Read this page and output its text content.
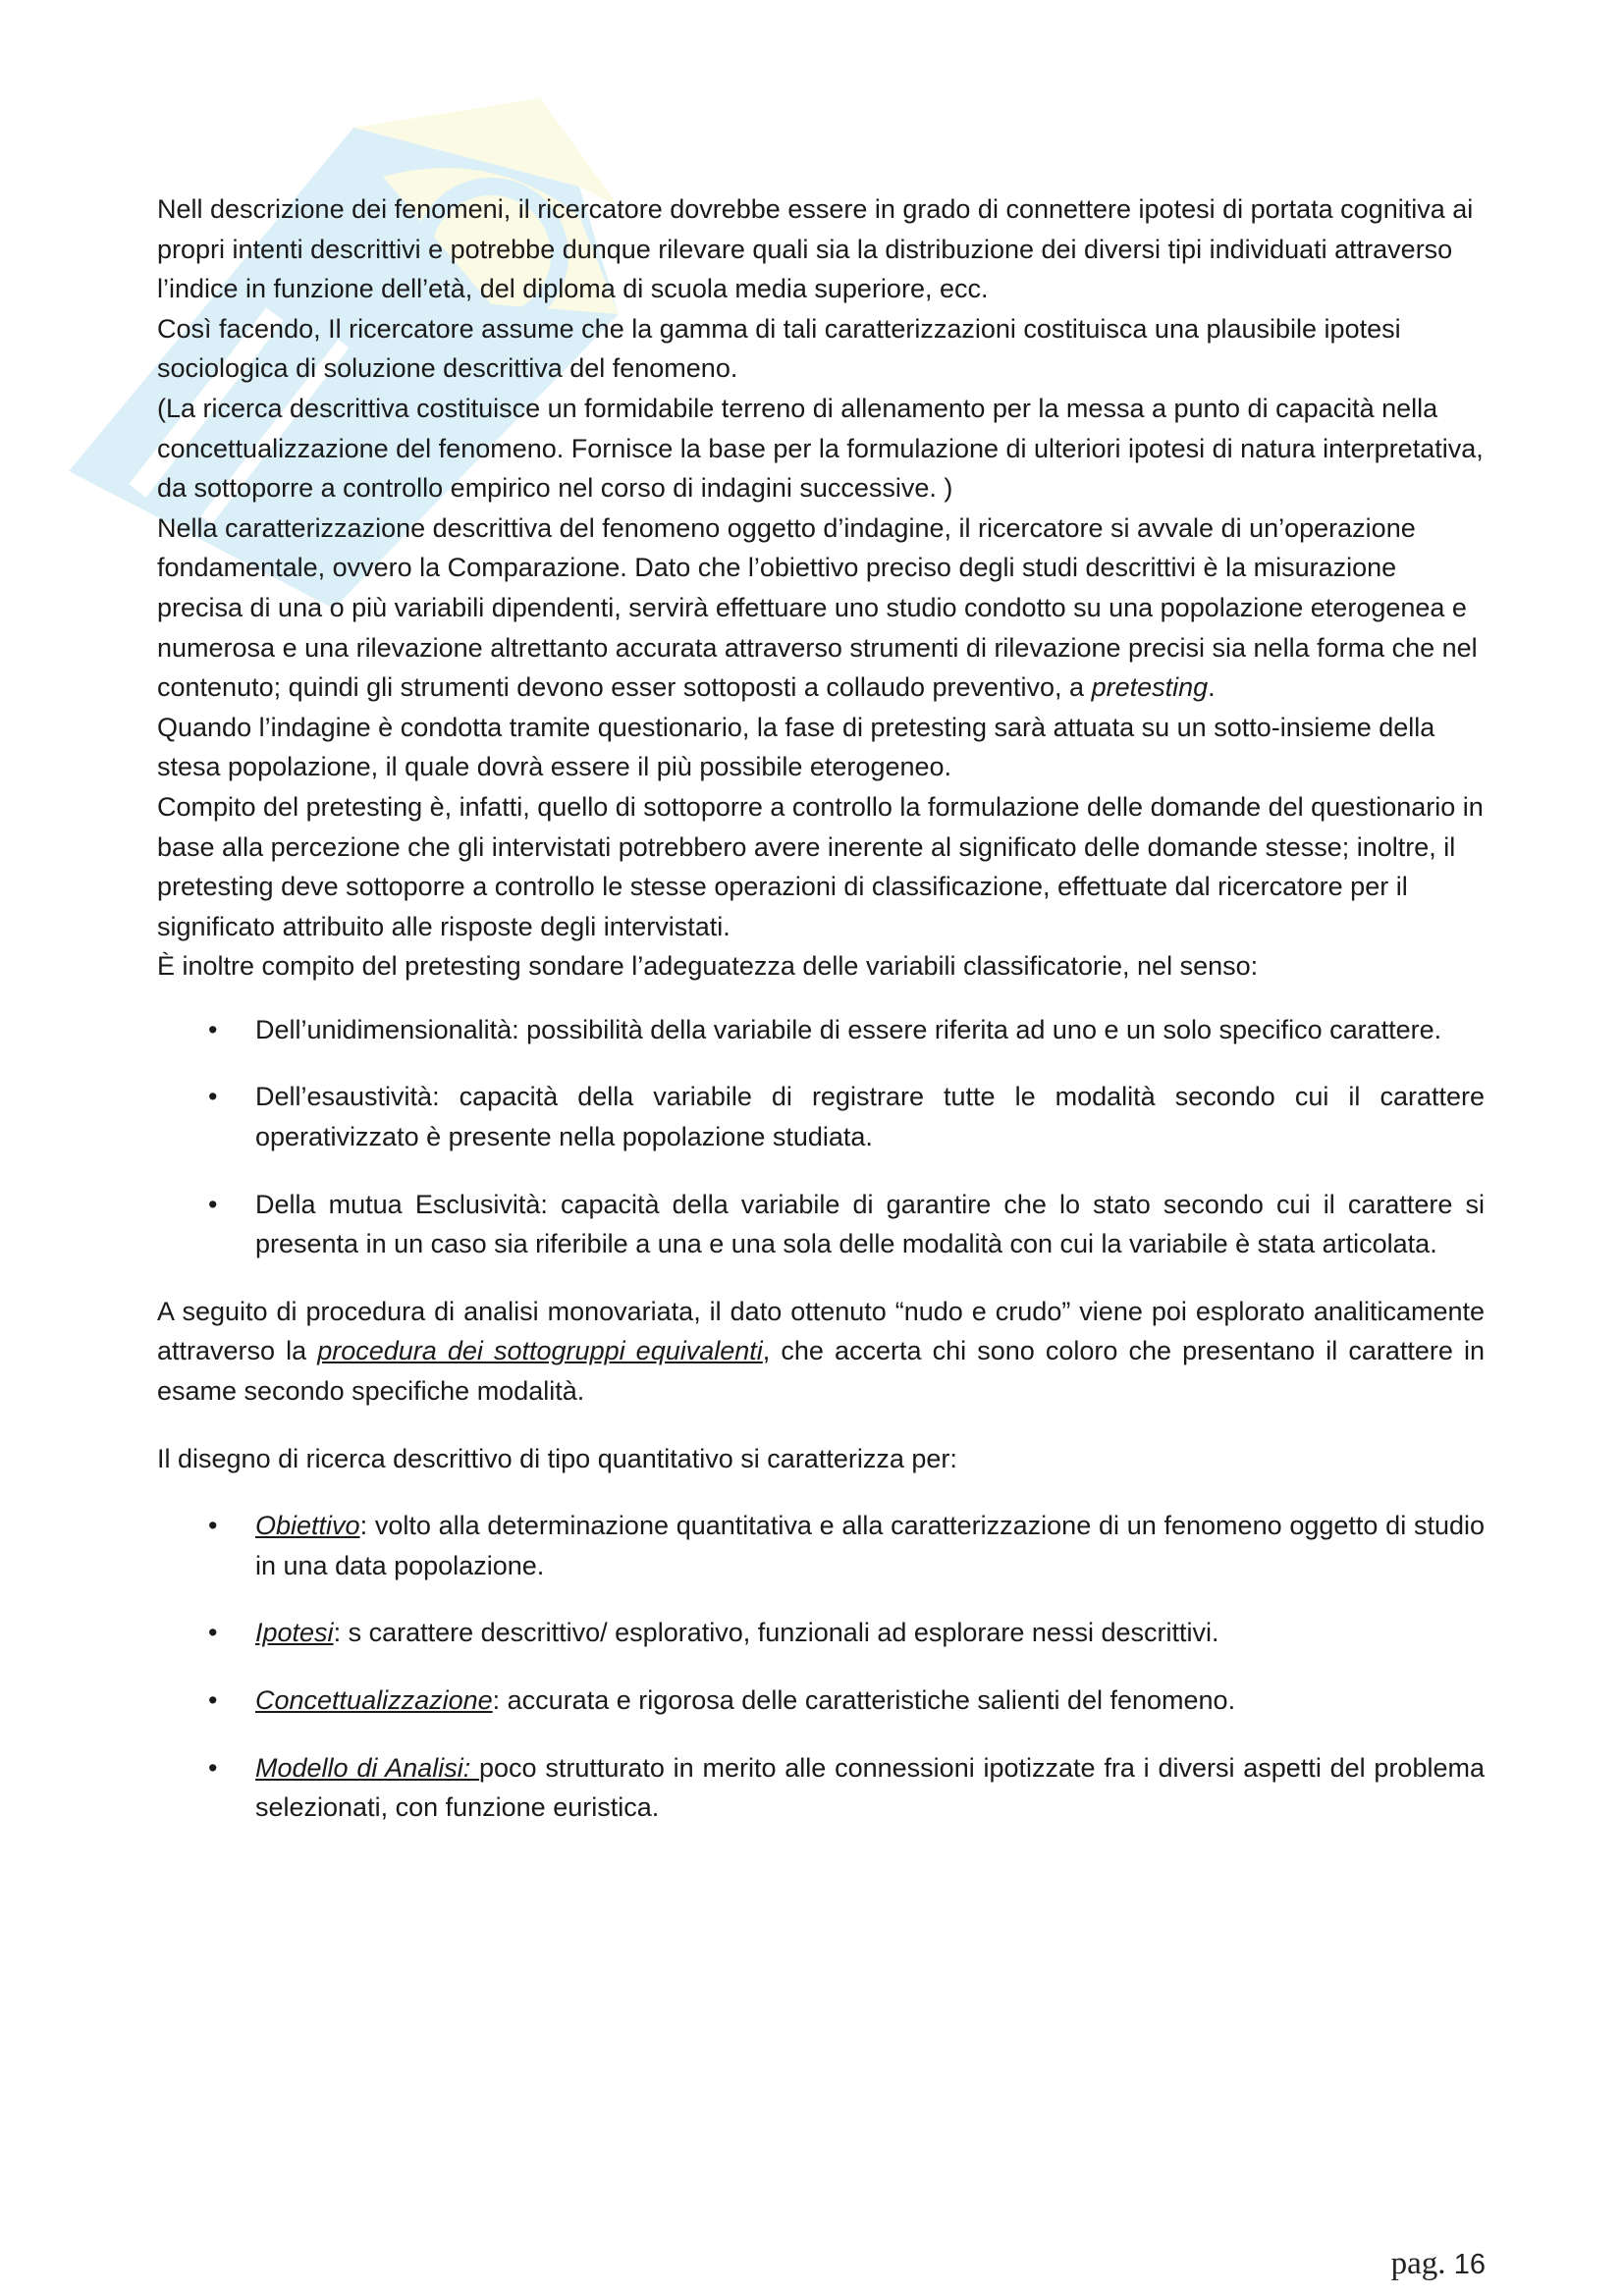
Nell descrizione dei fenomeni, il ricercatore dovrebbe essere in grado di connettere ipotesi di portata cognitiva ai propri intenti descrittivi e potrebbe dunque rilevare quali sia la distribuzione dei diversi tipi individuati attraverso l’indice in funzione dell’età, del diploma di scuola media superiore, ecc.

Così facendo, Il ricercatore assume che la gamma di tali caratterizzazioni costituisca una plausibile ipotesi sociologica di soluzione descrittiva del fenomeno.

(La ricerca descrittiva costituisce un formidabile terreno di allenamento per la messa a punto di capacità nella concettualizzazione del fenomeno. Fornisce la base per la formulazione di ulteriori ipotesi di natura interpretativa, da sottoporre a controllo empirico nel corso di indagini successive. )

Nella caratterizzazione descrittiva del fenomeno oggetto d’indagine, il ricercatore si avvale di un’operazione fondamentale, ovvero la Comparazione. Dato che l’obiettivo preciso degli studi descrittivi è la misurazione precisa di una o più variabili dipendenti, servirà effettuare uno studio condotto su una popolazione eterogenea e numerosa e una rilevazione altrettanto accurata attraverso strumenti di rilevazione precisi sia nella forma che nel contenuto; quindi gli strumenti devono esser sottoposti a collaudo preventivo, a pretesting.

Quando l’indagine è condotta tramite questionario, la fase di pretesting sarà attuata su un sotto-insieme della stesa popolazione, il quale dovrà essere il più possibile eterogeneo.

Compito del pretesting è, infatti, quello di sottoporre a controllo la formulazione delle domande del questionario in base alla percezione che gli intervistati potrebbero avere inerente al significato delle domande stesse; inoltre, il pretesting deve sottoporre a controllo le stesse operazioni di classificazione, effettuate dal ricercatore per il significato attribuito alle risposte degli intervistati.

È inoltre compito del pretesting sondare l’adeguatezza delle variabili classificatorie, nel senso:

• Dell’unidimensionalità: possibilità della variabile di essere riferita ad uno e un solo specifico carattere.
• Dell’esaustività: capacità della variabile di registrare tutte le modalità secondo cui il carattere operativizzato è presente nella popolazione studiata.
• Della mutua Esclusività: capacità della variabile di garantire che lo stato secondo cui il carattere si presenta in un caso sia riferibile a una e una sola delle modalità con cui la variabile è stata articolata.

A seguito di procedura di analisi monovariata, il dato ottenuto “nudo e crudo” viene poi esplorato analiticamente attraverso la procedura dei sottogruppi equivalenti, che accerta chi sono coloro che presentano il carattere in esame secondo specifiche modalità.

Il disegno di ricerca descrittivo di tipo quantitativo si caratterizza per:

• Obiettivo: volto alla determinazione quantitativa e alla caratterizzazione di un fenomeno oggetto di studio in una data popolazione.
• Ipotesi: s carattere descrittivo/ esplorativo, funzionali ad esplorare nessi descrittivi.
• Concettualizzazione: accurata e rigorosa delle caratteristiche salienti del fenomeno.
• Modello di Analisi: poco strutturato in merito alle connessioni ipotizzate fra i diversi aspetti del problema selezionati, con funzione euristica.
pag. 16
